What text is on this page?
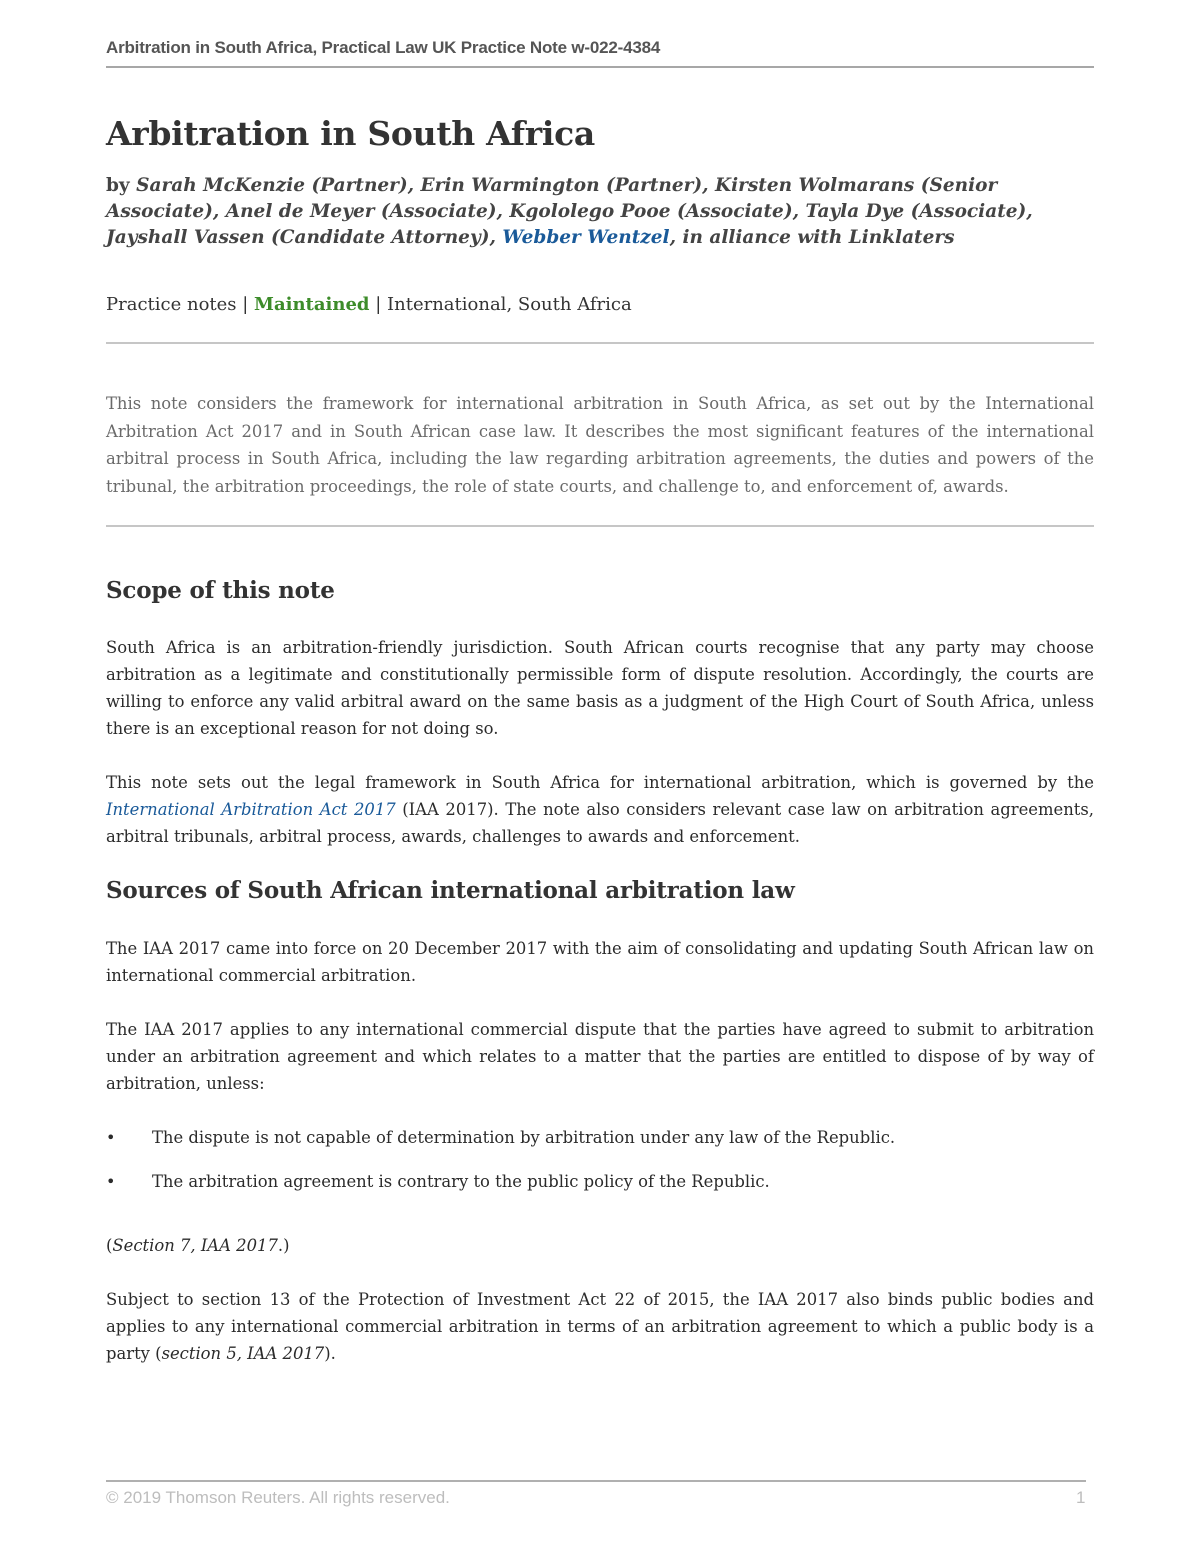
Arbitration in South Africa, Practical Law UK Practice Note w-022-4384
Arbitration in South Africa

by Sarah McKenzie (Partner), Erin Warmington (Partner), Kirsten Wolmarans (Senior Associate), Anel de Meyer (Associate), Kgololego Pooe (Associate), Tayla Dye (Associate), Jayshall Vassen (Candidate Attorney), Webber Wentzel, in alliance with Linklaters

Practice notes | Maintained | International, South Africa

This note considers the framework for international arbitration in South Africa, as set out by the International Arbitration Act 2017 and in South African case law. It describes the most significant features of the international arbitral process in South Africa, including the law regarding arbitration agreements, the duties and powers of the tribunal, the arbitration proceedings, the role of state courts, and challenge to, and enforcement of, awards.

Scope of this note

South Africa is an arbitration-friendly jurisdiction. South African courts recognise that any party may choose arbitration as a legitimate and constitutionally permissible form of dispute resolution. Accordingly, the courts are willing to enforce any valid arbitral award on the same basis as a judgment of the High Court of South Africa, unless there is an exceptional reason for not doing so.

This note sets out the legal framework in South Africa for international arbitration, which is governed by the International Arbitration Act 2017 (IAA 2017). The note also considers relevant case law on arbitration agreements, arbitral tribunals, arbitral process, awards, challenges to awards and enforcement.

Sources of South African international arbitration law

The IAA 2017 came into force on 20 December 2017 with the aim of consolidating and updating South African law on international commercial arbitration.

The IAA 2017 applies to any international commercial dispute that the parties have agreed to submit to arbitration under an arbitration agreement and which relates to a matter that the parties are entitled to dispose of by way of arbitration, unless:

• The dispute is not capable of determination by arbitration under any law of the Republic.
• The arbitration agreement is contrary to the public policy of the Republic.

(Section 7, IAA 2017.)

Subject to section 13 of the Protection of Investment Act 22 of 2015, the IAA 2017 also binds public bodies and applies to any international commercial arbitration in terms of an arbitration agreement to which a public body is a party (section 5, IAA 2017).

© 2019 Thomson Reuters. All rights reserved.	1
